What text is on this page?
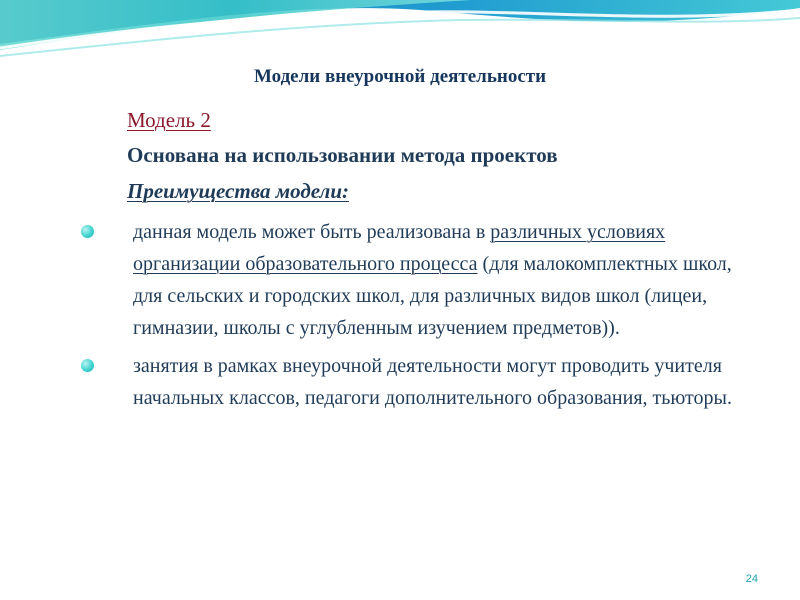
Модели внеурочной деятельности
Модель 2
Основана на использовании метода проектов
Преимущества модели:
данная модель может быть реализована в различных условиях организации образовательного процесса (для малокомплектных школ, для сельских и городских школ, для различных видов школ (лицеи, гимназии, школы с углубленным изучением предметов)).
занятия в рамках внеурочной деятельности могут проводить учителя начальных классов, педагоги дополнительного образования, тьюторы.
24
